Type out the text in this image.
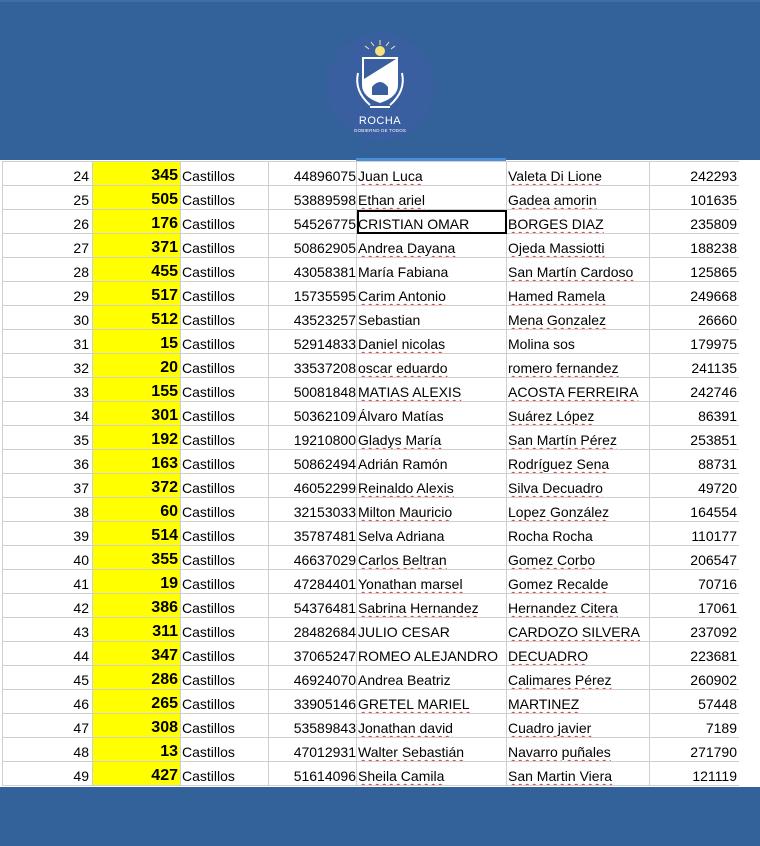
ROCHA
GOBIERNO DE TODOS
24	345	Castillos	44896075	Juan Luca	Valeta Di Lione	242293
25	505	Castillos	53889598	Ethan ariel	Gadea amorin	101635
26	176	Castillos	54526775	CRISTIAN OMAR	BORGES DIAZ	235809
27	371	Castillos	50862905	Andrea Dayana	Ojeda Massiotti	188238
28	455	Castillos	43058381	María Fabiana	San Martín Cardoso	125865
29	517	Castillos	15735595	Carim Antonio	Hamed Ramela	249668
30	512	Castillos	43523257	Sebastian	Mena Gonzalez	26660
31	15	Castillos	52914833	Daniel nicolas	Molina sos	179975
32	20	Castillos	33537208	oscar eduardo	romero fernandez	241135
33	155	Castillos	50081848	MATIAS ALEXIS	ACOSTA FERREIRA	242746
34	301	Castillos	50362109	Álvaro Matías	Suárez López	86391
35	192	Castillos	19210800	Gladys María	San Martín Pérez	253851
36	163	Castillos	50862494	Adrián Ramón	Rodríguez Sena	88731
37	372	Castillos	46052299	Reinaldo Alexis	Silva Decuadro	49720
38	60	Castillos	32153033	Milton Mauricio	Lopez González	164554
39	514	Castillos	35787481	Selva Adriana	Rocha Rocha	110177
40	355	Castillos	46637029	Carlos Beltran	Gomez Corbo	206547
41	19	Castillos	47284401	Yonathan marsel	Gomez Recalde	70716
42	386	Castillos	54376481	Sabrina Hernandez	Hernandez Citera	17061
43	311	Castillos	28482684	JULIO CESAR	CARDOZO SILVERA	237092
44	347	Castillos	37065247	ROMEO ALEJANDRO	DECUADRO	223681
45	286	Castillos	46924070	Andrea Beatriz	Calimares Pérez	260902
46	265	Castillos	33905146	GRETEL MARIEL	MARTINEZ	57448
47	308	Castillos	53589843	Jonathan david	Cuadro javier	7189
48	13	Castillos	47012931	Walter Sebastián	Navarro puñales	271790
49	427	Castillos	51614096	Sheila Camila	San Martin Viera	121119
